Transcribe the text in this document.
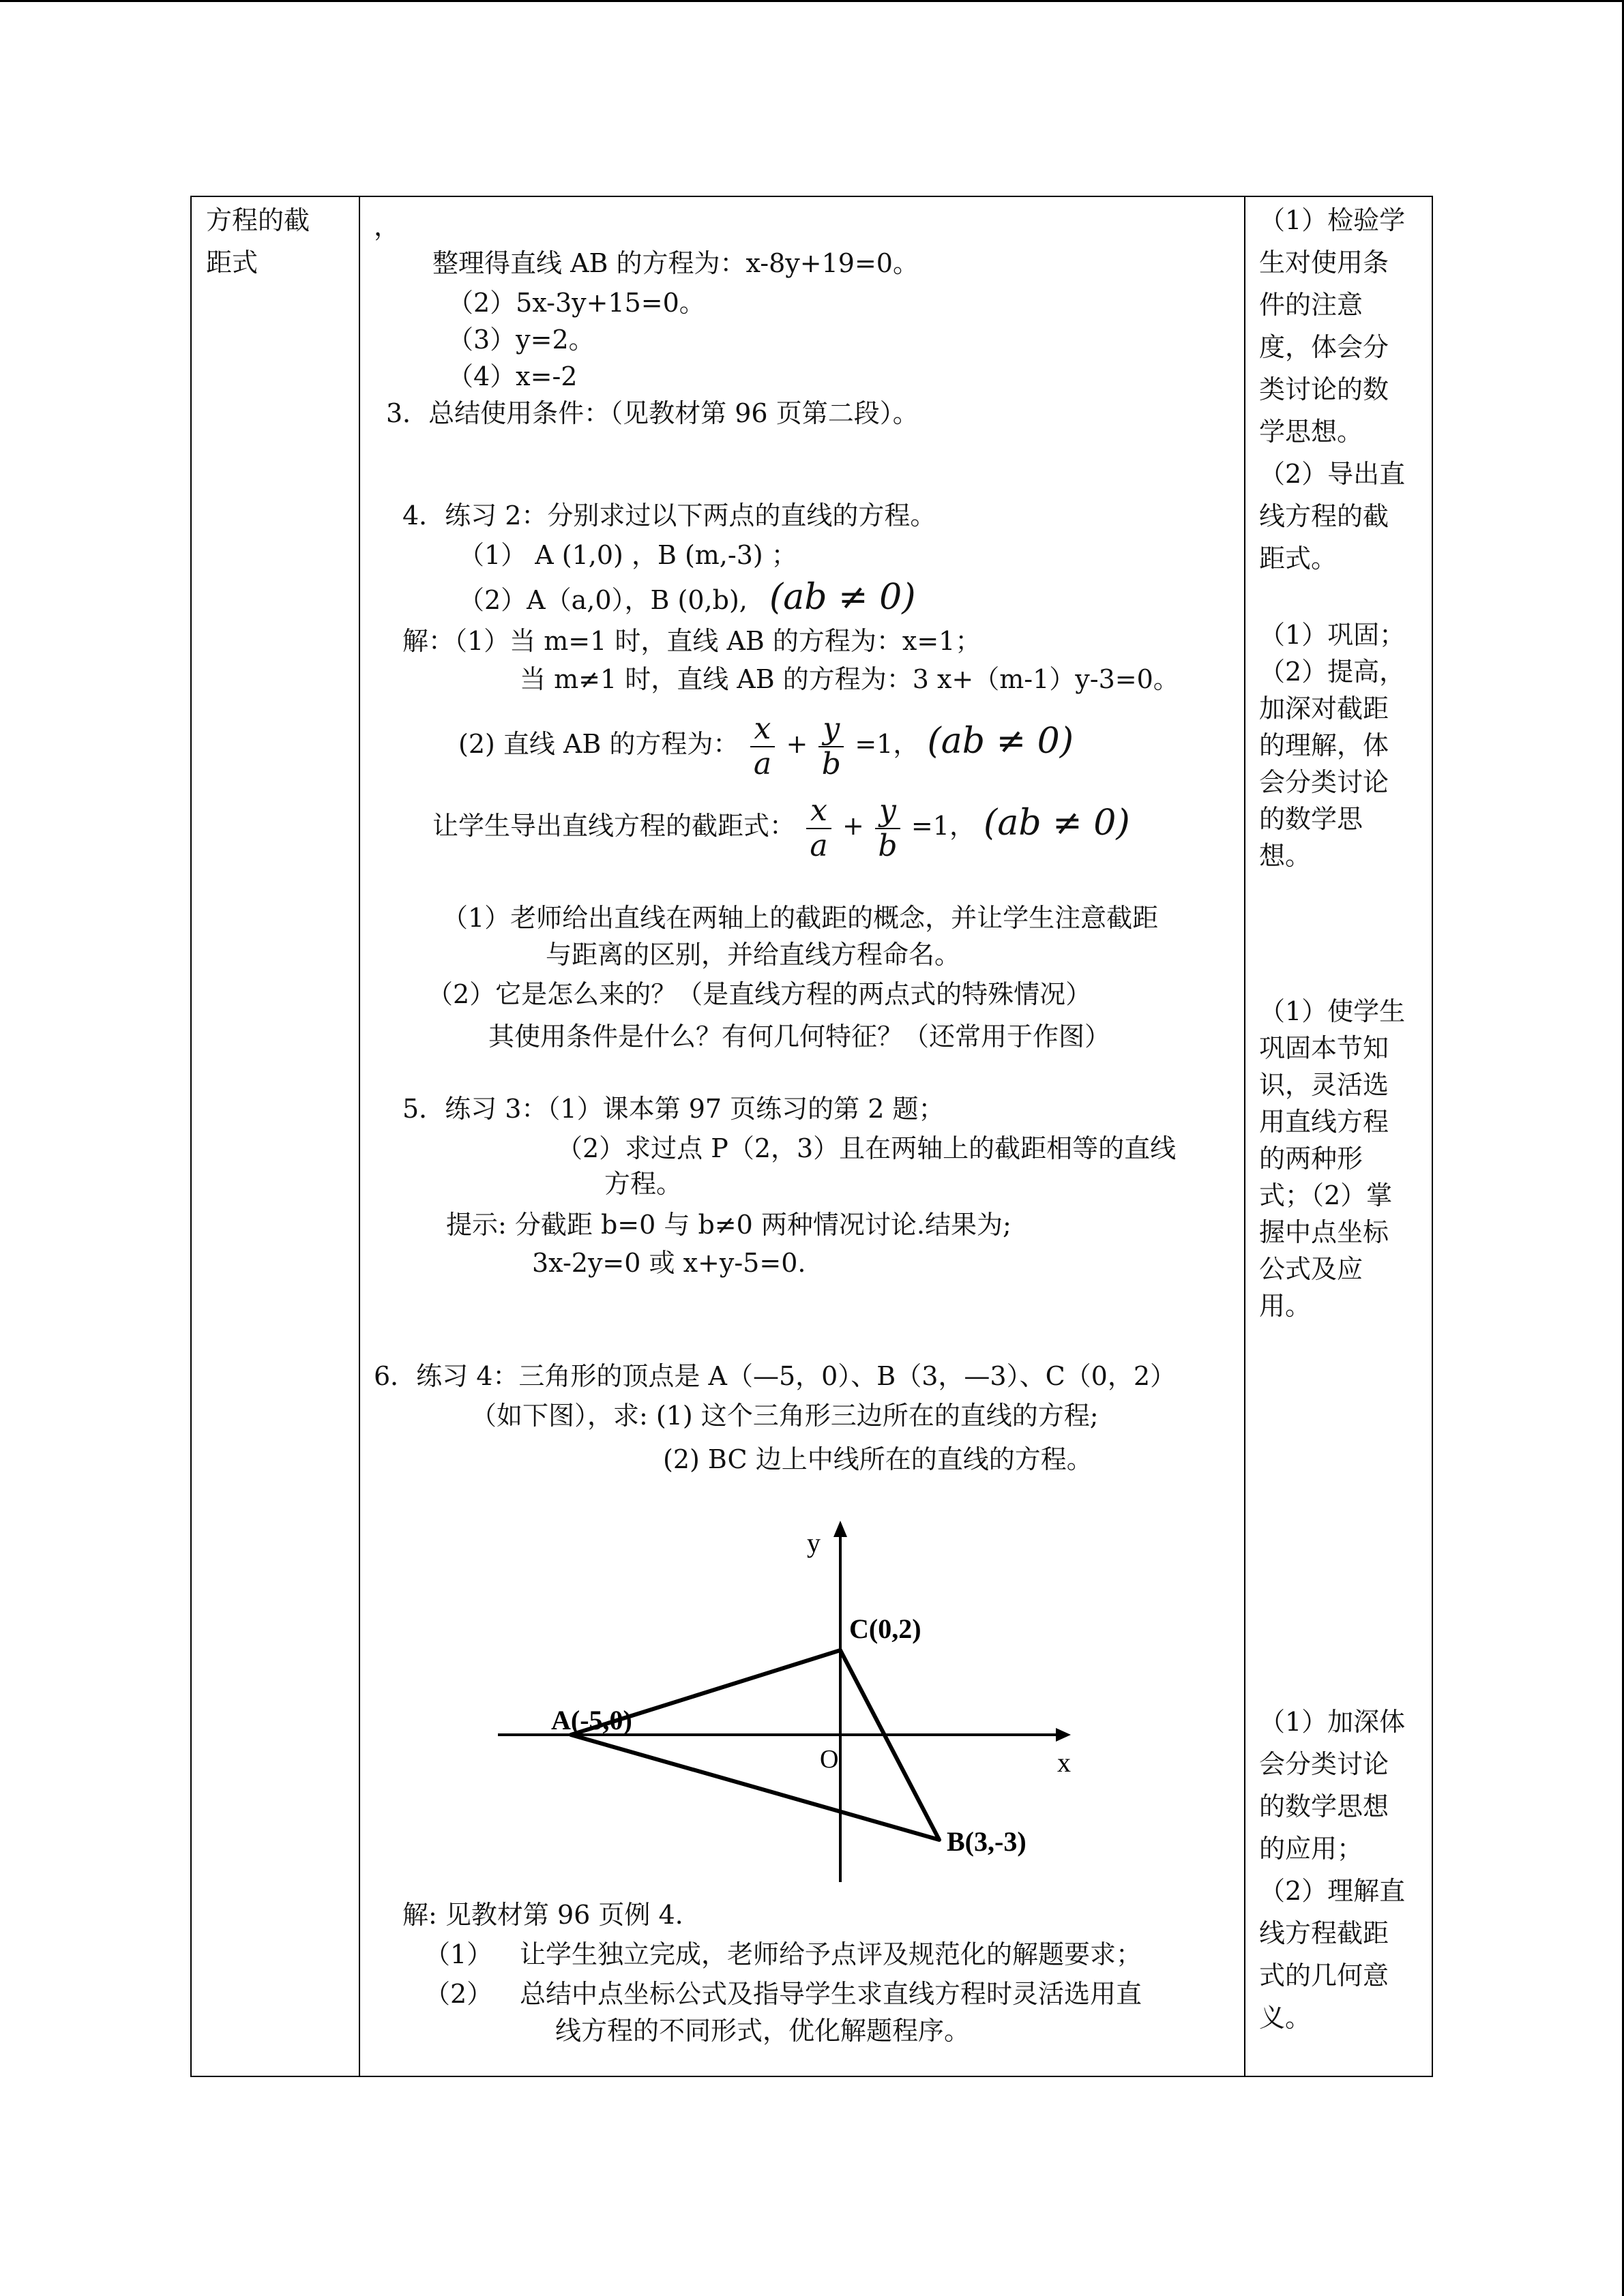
方程的截
距式
，
整理得直线 AB 的方程为：x-8y+19=0。
（2）5x-3y+15=0。
（3）y=2。
（4）x=-2
3．总结使用条件：（见教材第 96 页第二段）。
4．练习 2：分别求过以下两点的直线的方程。
（1） A (1,0) ，B (m,-3) ；
（2）A（a,0），B (0,b), (ab ≠ 0)
解：（1）当 m=1 时，直线 AB 的方程为：x=1；
当 m≠1 时，直线 AB 的方程为：3 x+（m-1）y-3=0。
(2) 直线 AB 的方程为： $\frac{x}{a} + \frac{y}{b} =1$， (ab ≠ 0)
让学生导出直线方程的截距式： $\frac{x}{a} + \frac{y}{b} =1$， (ab ≠ 0)
（1）老师给出直线在两轴上的截距的概念，并让学生注意截距
与距离的区别，并给直线方程命名。
（2）它是怎么来的？（是直线方程的两点式的特殊情况）
其使用条件是什么？有何几何特征？（还常用于作图）
5．练习 3：（1）课本第 97 页练习的第 2 题；
（2）求过点 P（2，3）且在两轴上的截距相等的直线
方程。
提示: 分截距 b=0 与 b≠0 两种情况讨论.结果为;
3x-2y=0 或 x+y-5=0.
6．练习 4：三角形的顶点是 A（—5，0）、B（3，—3）、C（0，2）
（如下图），求: (1) 这个三角形三边所在的直线的方程;
(2) BC 边上中线所在的直线的方程。
y
x
O
C(0,2)
A(-5,0)
B(3,-3)
解: 见教材第 96 页例 4.
（1） 让学生独立完成，老师给予点评及规范化的解题要求；
（2） 总结中点坐标公式及指导学生求直线方程时灵活选用直
线方程的不同形式，优化解题程序。
（1）检验学
生对使用条
件的注意
度，体会分
类讨论的数
学思想。
（2）导出直
线方程的截
距式。
（1）巩固；
（2）提高，
加深对截距
的理解，体
会分类讨论
的数学思
想。
（1）使学生
巩固本节知
识，灵活选
用直线方程
的两种形
式；（2）掌
握中点坐标
公式及应
用。
（1）加深体
会分类讨论
的数学思想
的应用；
（2）理解直
线方程截距
式的几何意
义。
